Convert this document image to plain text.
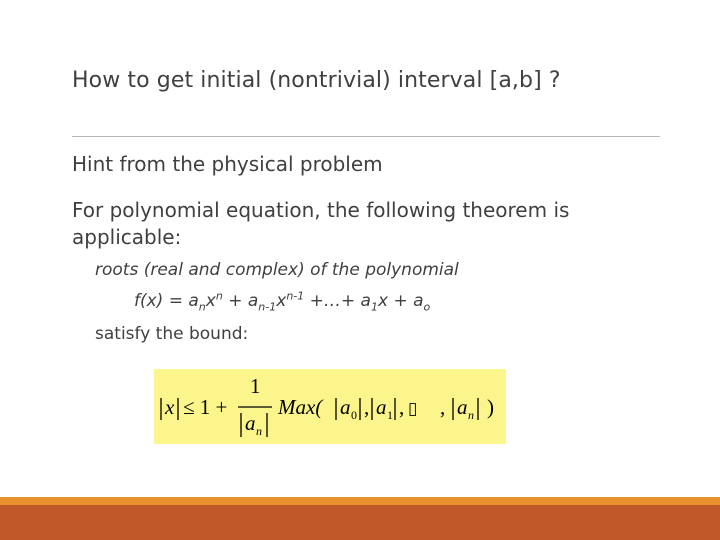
How to get initial (nontrivial) interval [a,b] ?
Hint from the physical problem
For polynomial equation, the following theorem is applicable:
roots (real and complex) of the polynomial
$f(x) = a_nx^n + a_{n-1}x^{n-1}$ +…+ $a_1x + a_o$
satisfy the bound:
x ≤ 1 +
1
a n
Max( a 0 , a 1 , ▯ , a n )
